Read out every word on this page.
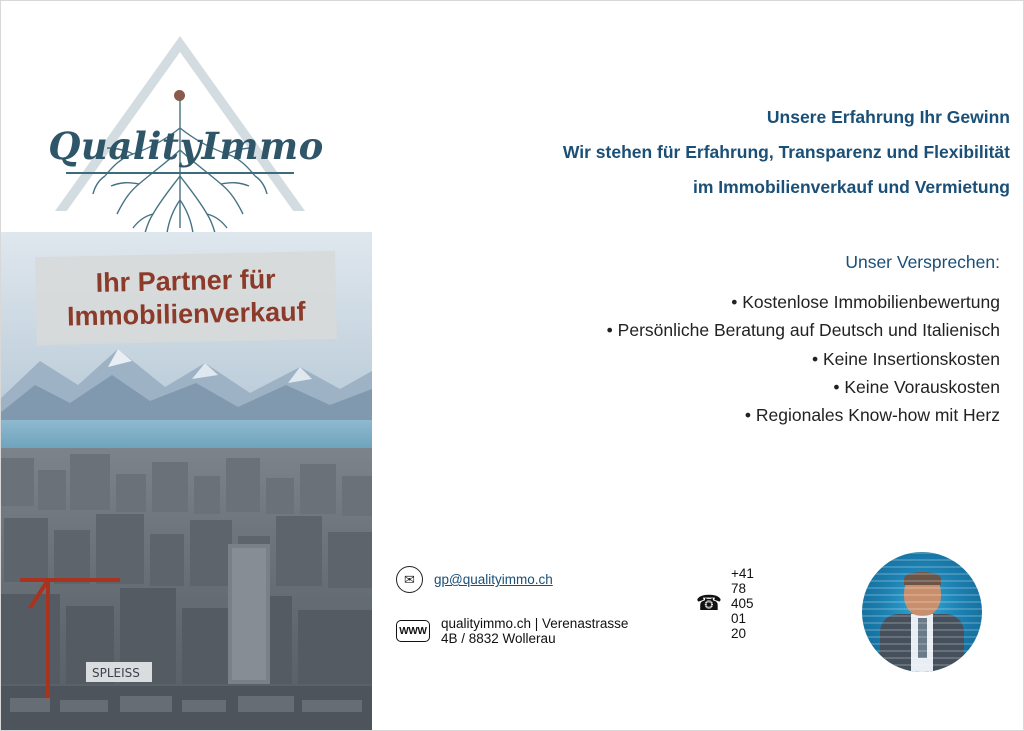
QualityImmo
SPLEISS
Ihr Partner für
Immobilienverkauf
Unsere Erfahrung Ihr Gewinn
Wir stehen für Erfahrung, Transparenz und Flexibilität
im Immobilienverkauf und Vermietung
Unser Versprechen:
• Kostenlose Immobilienbewertung
• Persönliche Beratung auf Deutsch und Italienisch
• Keine Insertionskosten
• Keine Vorauskosten
• Regionales Know-how mit Herz
✉	gp@qualityimmo.ch
☎
+41 78 405 01 20
WWW qualityimmo.ch | Verenastrasse 4B / 8832 Wollerau
